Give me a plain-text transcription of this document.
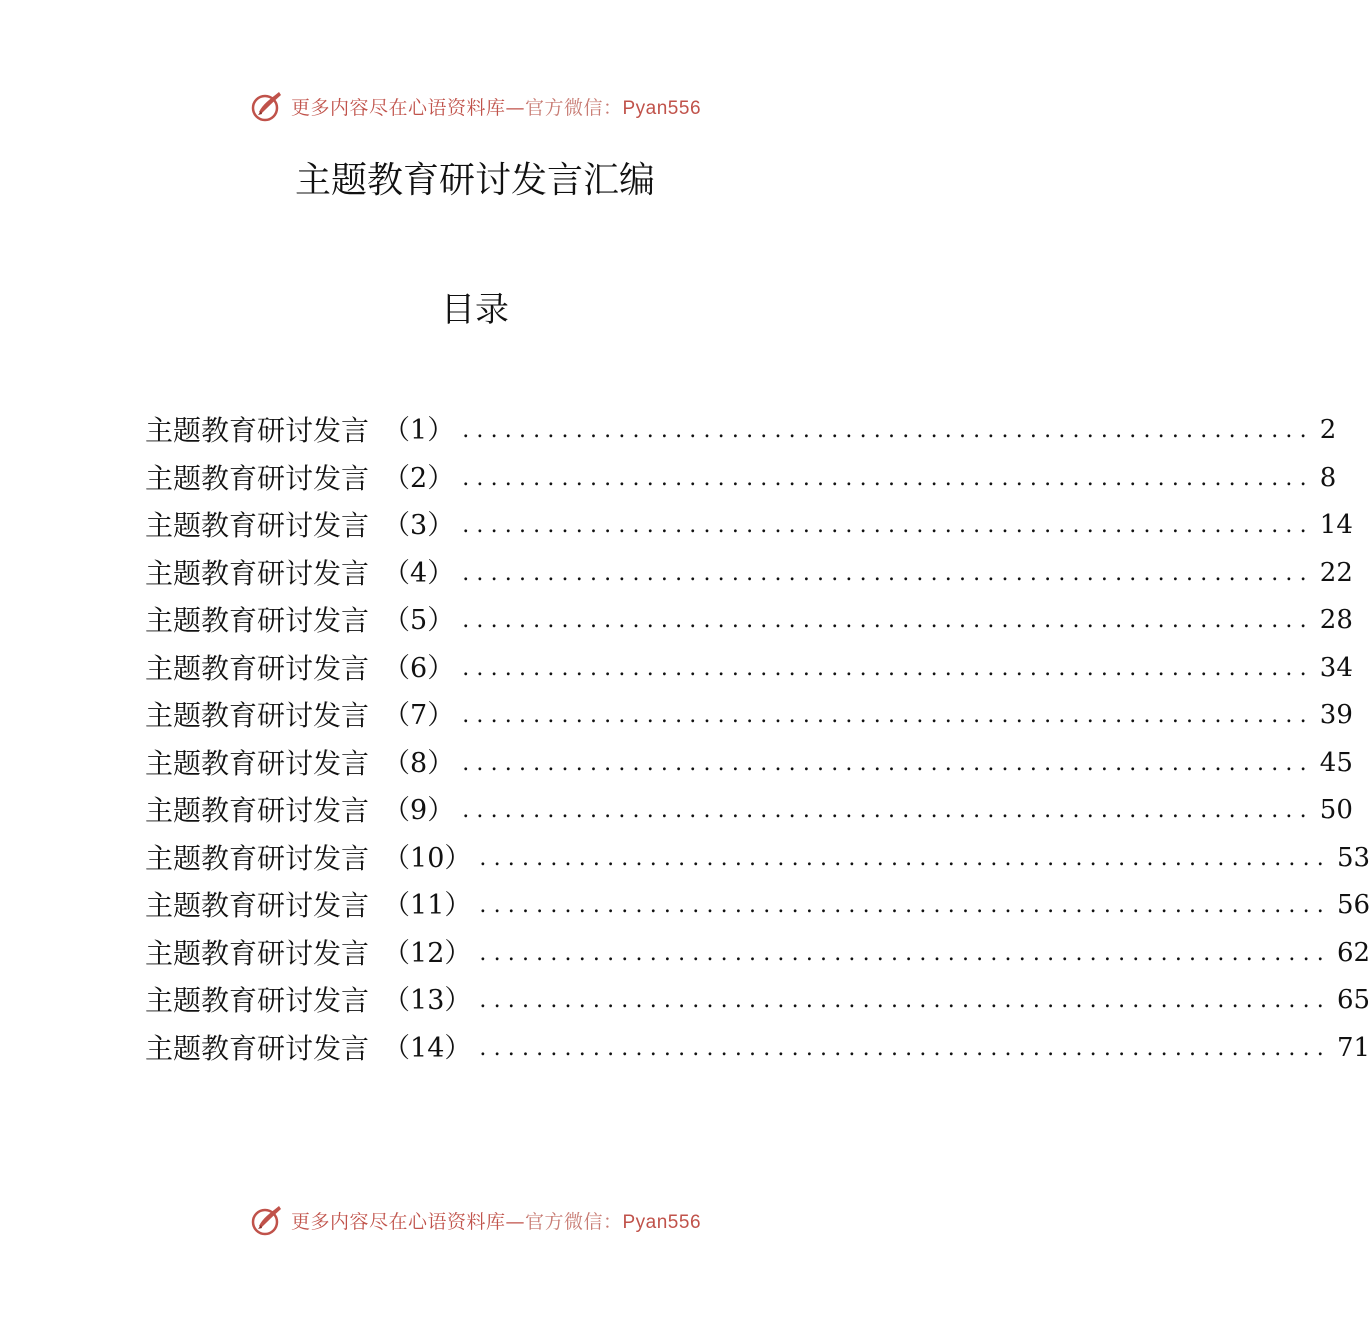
更多内容尽在心语资料库—官方微信：Pyan556
主题教育研讨发言汇编
目录
主题教育研讨发言 （1） ............................................................ 2
主题教育研讨发言 （2） ............................................................ 8
主题教育研讨发言 （3） ............................................................ 14
主题教育研讨发言 （4） ............................................................ 22
主题教育研讨发言 （5） ............................................................ 28
主题教育研讨发言 （6） ............................................................ 34
主题教育研讨发言 （7） ............................................................ 39
主题教育研讨发言 （8） ............................................................ 45
主题教育研讨发言 （9） ............................................................ 50
主题教育研讨发言 （10） ............................................................ 53
主题教育研讨发言 （11） ............................................................ 56
主题教育研讨发言 （12） ............................................................ 62
主题教育研讨发言 （13） ............................................................ 65
主题教育研讨发言 （14） ............................................................ 71
更多内容尽在心语资料库—官方微信：Pyan556
